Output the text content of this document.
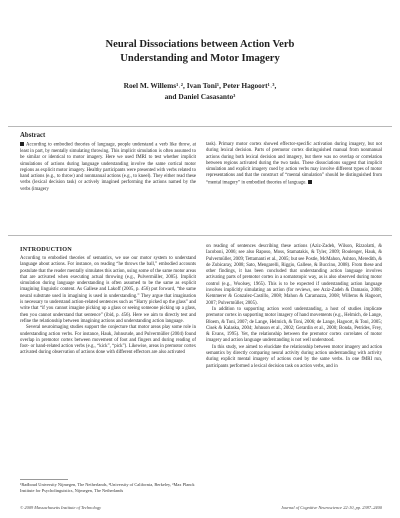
Neural Dissociations between Action Verb
Understanding and Motor Imagery
Roel M. Willems¹˒², Ivan Toni¹, Peter Hagoort¹˒³,
and Daniel Casasanto³
Abstract
According to embodied theories of language, people understand a verb like throw, at least in part, by mentally simulating throwing. This implicit simulation is often assumed to be similar or identical to motor imagery. Here we used fMRI to test whether implicit simulations of actions during language understanding involve the same cortical motor regions as explicit motor imagery. Healthy participants were presented with verbs related to hand actions (e.g., to throw) and nonmanual actions (e.g., to kneel). They either read these verbs (lexical decision task) or actively imagined performing the actions named by the verbs (imagery
task). Primary motor cortex showed effector-specific activation during imagery, but not during lexical decision. Parts of premotor cortex distinguished manual from nonmanual actions during both lexical decision and imagery, but there was no overlap or correlation between regions activated during the two tasks. These dissociations suggest that implicit simulation and explicit imagery cued by action verbs may involve different types of motor representations and that the construct of “mental simulation” should be distinguished from “mental imagery” in embodied theories of language.
INTRODUCTION

According to embodied theories of semantics, we use our motor system to understand language about actions. For instance, on reading “he throws the ball,” embodied accounts postulate that the reader mentally simulates this action, using some of the same motor areas that are activated when executing actual throwing (e.g., Pulvermüller, 2005). Implicit simulation during language understanding is often assumed to be the same as explicit imagining linguistic content. As Gallese and Lakoff (2005, p. 456) put forward, “the same neural substrate used in imagining is used in understanding.” They argue that imagination is necessary to understand action-related sentences such as “Harry picked up the glass” and write that “if you cannot imagine picking up a glass or seeing someone picking up a glass, then you cannot understand that sentence” (ibid, p. 456). Here we aim to directly test and refine the relationship between imagining actions and understanding action language.

Several neuroimaging studies support the conjecture that motor areas play some role in understanding action verbs. For instance, Hauk, Johnsrude, and Pulvermüller (2004) found overlap in premotor cortex between movement of foot and fingers and during reading of foot- or hand-related action verbs (e.g., “kick”, “pick”). Likewise, areas in premotor cortex activated during observation of actions done with different effectors are also activated

on reading of sentences describing these actions (Aziz-Zadeh, Wilson, Rizzolatti, & Iacoboni, 2006; see also Raposo, Moss, Stamatakis, & Tyler, 2009; Boulenger, Hauk, & Pulvermüller, 2009; Tettamanti et al., 2005; but see Postle, McMahon, Ashton, Meredith, & de Zubicaray, 2008; Sato, Mengarelli, Riggio, Gallese, & Buccino, 2008). From these and other findings, it has been concluded that understanding action language involves activating parts of premotor cortex in a somatotopic way, as is also observed during motor control (e.g., Woolsey, 1965). This is to be expected if understanding action language involves implicitly simulating an action (for reviews, see Aziz-Zadeh & Damasio, 2008; Kemmerer & Gonzalez-Castillo, 2008; Mahon & Caramazza, 2008; Willems & Hagoort, 2007; Pulvermüller, 2005).

In addition to supporting action word understanding, a host of studies implicate premotor cortex in supporting motor imagery of hand movements (e.g., Helmich, de Lange, Bloem, & Toni, 2007; de Lange, Helmich, & Toni, 2006; de Lange, Hagoort, & Toni, 2005; Cisek & Kalaska, 2004; Johnson et al., 2002; Gerardin et al., 2000; Bonda, Petrides, Frey, & Evans, 1995). Yet, the relationship between the premotor cortex correlates of motor imagery and action language understanding is not well understood.

In this study, we aimed to elucidate the relationship between motor imagery and action semantics by directly comparing neural activity during action understanding with activity during explicit mental imagery of actions cued by the same verbs. In one fMRI run, participants performed a lexical decision task on action verbs, and in

¹Radboud University Nijmegen, The Netherlands, ²University of California, Berkeley, ³Max Planck Institute for Psycholinguistics, Nijmegen, The Netherlands
© 2009 Massachusetts Institute of Technology	Journal of Cognitive Neuroscience 22:10, pp. 2387–2400
